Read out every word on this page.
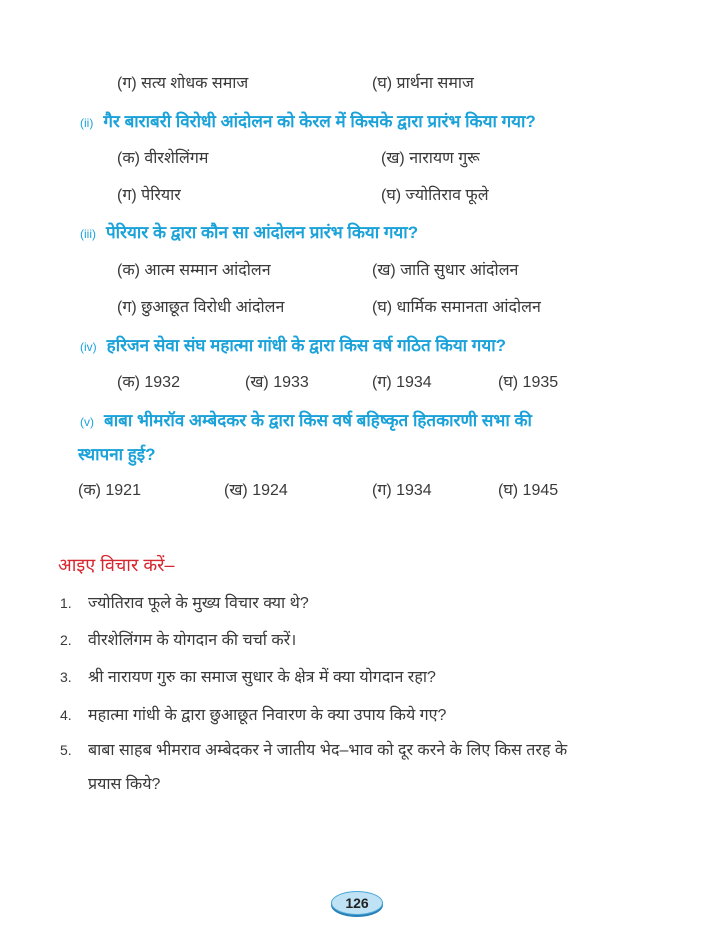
(ग) सत्य शोधक समाज	(घ) प्रार्थना समाज
(ii) गैर बाराबरी विरोधी आंदोलन को केरल में किसके द्वारा प्रारंभ किया गया?
(क) वीरशेलिंगम	(ख) नारायण गुरू
(ग) पेरियार	(घ) ज्योतिराव फूले
(iii) पेरियार के द्वारा कौन सा आंदोलन प्रारंभ किया गया?
(क) आत्म सम्मान आंदोलन	(ख) जाति सुधार आंदोलन
(ग) छुआछूत विरोधी आंदोलन	(घ) धार्मिक समानता आंदोलन
(iv) हरिजन सेवा संघ महात्मा गांधी के द्वारा किस वर्ष गठित किया गया?
(क) 1932	(ख) 1933	(ग) 1934	(घ) 1935
(v) बाबा भीमरॉव अम्बेदकर के द्वारा किस वर्ष बहिष्कृत हितकारणी सभा की
स्थापना हुई?
(क) 1921	(ख) 1924	(ग) 1934	(घ) 1945
आइए विचार करें–
1. ज्योतिराव फूले के मुख्य विचार क्या थे?
2. वीरशेलिंगम के योगदान की चर्चा करें।
3. श्री नारायण गुरु का समाज सुधार के क्षेत्र में क्या योगदान रहा?
4. महात्मा गांधी के द्वारा छुआछूत निवारण के क्या उपाय किये गए?
5. बाबा साहब भीमराव अम्बेदकर ने जातीय भेद–भाव को दूर करने के लिए किस तरह के
प्रयास किये?
126
